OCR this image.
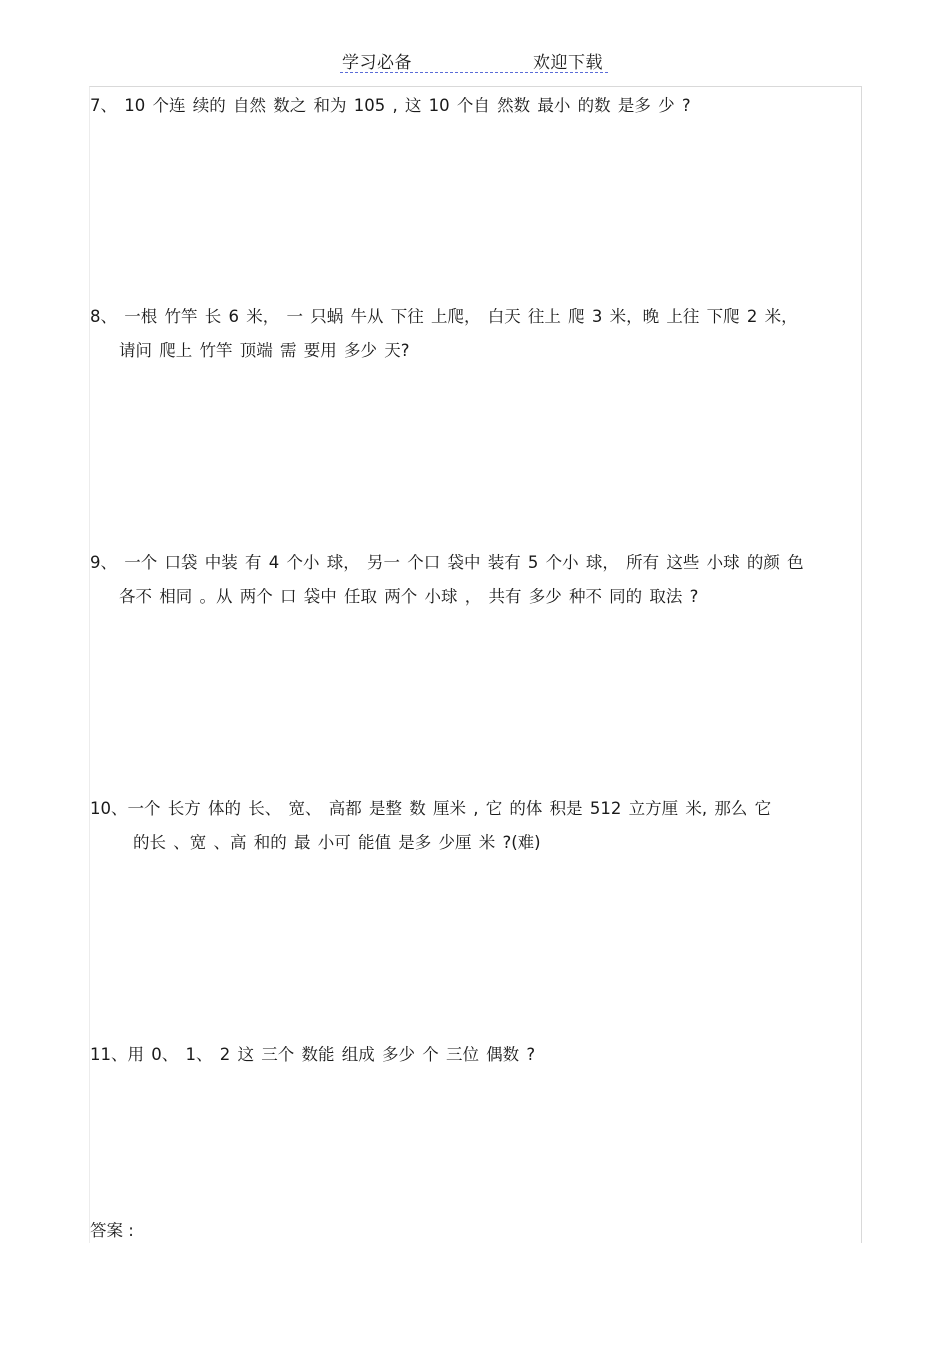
学习必备	欢迎下载
7、 10 个连 续的 自然 数之 和为 105 , 这 10 个自 然数 最小 的数 是多 少 ?
8、 一根 竹竿 长 6 米， 一 只蜗 牛从 下往 上爬， 白天 往上 爬 3 米，晚 上往 下爬 2 米，
请问 爬上 竹竿 顶端 需 要用 多少 天?
9、 一个 口袋 中装 有 4 个小 球， 另一 个口 袋中 装有 5 个小 球， 所有 这些 小球 的颜 色
各不 相同 。从 两个 口 袋中 任取 两个 小球 ， 共有 多少 种不 同的 取法 ?
10、一个 长方 体的 长、 宽、 高都 是整 数 厘米 , 它 的体 积是 512 立方厘 米, 那么 它
的长 、宽 、高 和的 最 小可 能值 是多 少厘 米 ?(难)
11、用 0、 1、 2 这 三个 数能 组成 多少 个 三位 偶数 ?
答案 :
